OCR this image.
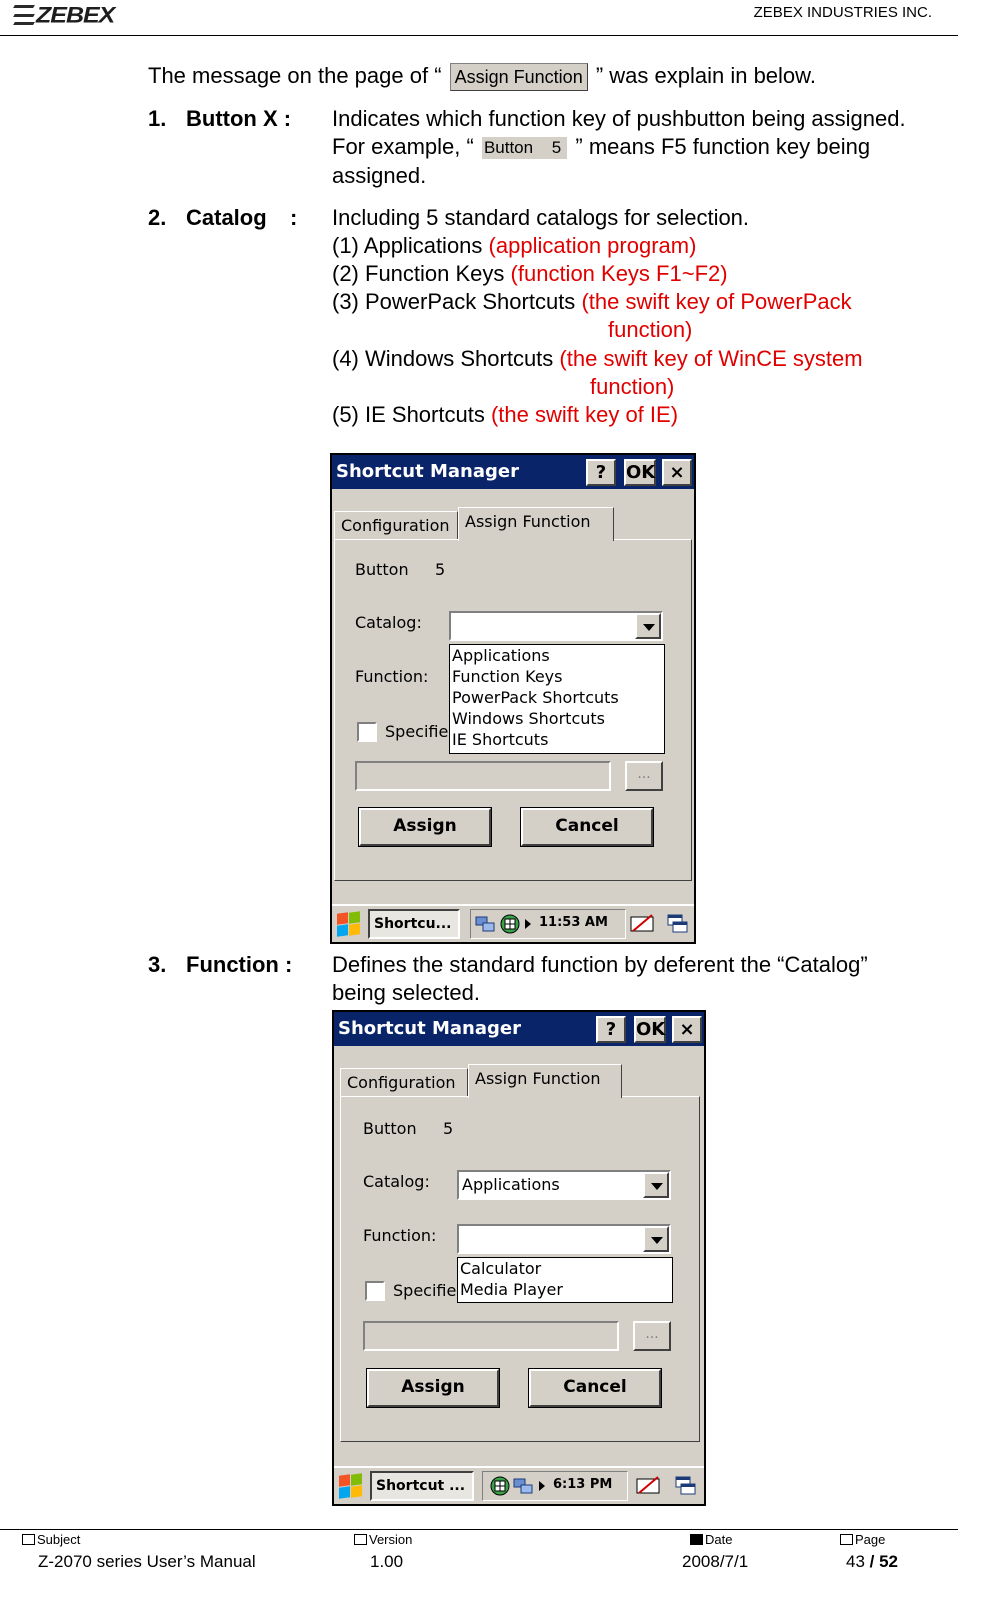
ZEBEX	ZEBEX INDUSTRIES INC.
The message on the page of “ Assign Function ” was explain in below.
1. Button X : Indicates which function key of pushbutton being assigned.
For example, “ Button 5 ” means F5 function key being
assigned.
2. Catalog : Including 5 standard catalogs for selection.
(1) Applications (application program)
(2) Function Keys (function Keys F1~F2)
(3) PowerPack Shortcuts (the swift key of PowerPack
function)
(4) Windows Shortcuts (the swift key of WinCE system
function)
(5) IE Shortcuts (the swift key of IE)
Shortcut Manager	?	OK ×
Configuration Assign Function
Button 5
Catalog:
Function:
Specifie
Applications
Function Keys
PowerPack Shortcuts
Windows Shortcuts
IE Shortcuts
...
Assign	Cancel
Shortcu...	11:53 AM
3. Function : Defines the standard function by deferent the “Catalog”
being selected.
Shortcut Manager	?	OK ×
Configuration	Assign Function
Button 5
Catalog: Applications
Function:
Calculator
Media Player
Specifie
...
Assign	Cancel
Shortcut ...	6:13 PM
Subject	Version	Date	Page
Z-2070 series User’s Manual	1.00	2008/7/1	43 / 52
